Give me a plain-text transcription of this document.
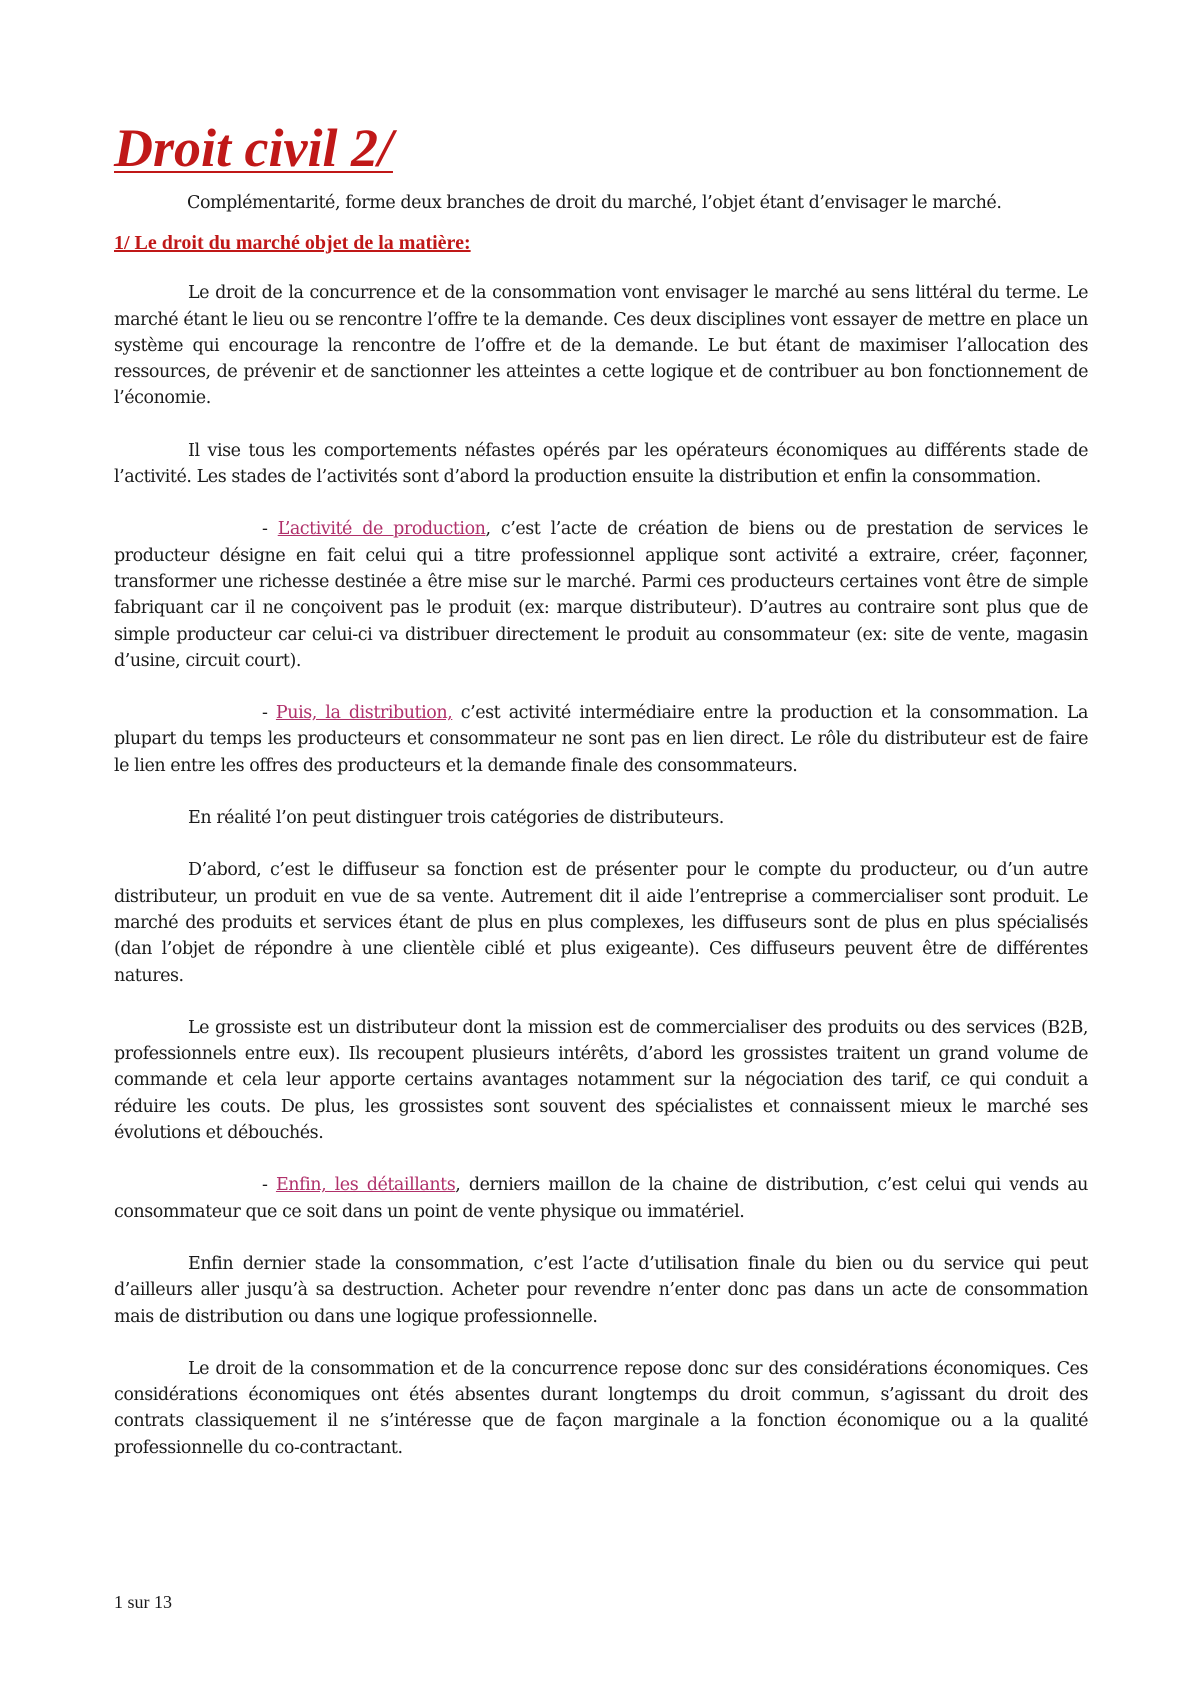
Droit civil 2/

Complémentarité, forme deux branches de droit du marché, l’objet étant d’envisager le marché.

1/ Le droit du marché objet de la matière:

Le droit de la concurrence et de la consommation vont envisager le marché au sens littéral du terme. Le marché étant le lieu ou se rencontre l’offre te la demande. Ces deux disciplines vont essayer de mettre en place un système qui encourage la rencontre de l’offre et de la demande. Le but étant de maximiser l’allocation des ressources, de prévenir et de sanctionner les atteintes a cette logique et de contribuer au bon fonctionnement de l’économie.

Il vise tous les comportements néfastes opérés par les opérateurs économiques au différents stade de l’activité. Les stades de l’activités sont d’abord la production ensuite la distribution et enfin la consommation.

- L’activité de production, c’est l’acte de création de biens ou de prestation de services le producteur désigne en fait celui qui a titre professionnel applique sont activité a extraire, créer, façonner, transformer une richesse destinée a être mise sur le marché. Parmi ces producteurs certaines vont être de simple fabriquant car il ne conçoivent pas le produit (ex: marque distributeur). D’autres au contraire sont plus que de simple producteur car celui-ci va distribuer directement le produit au consommateur (ex: site de vente, magasin d’usine, circuit court).

- Puis, la distribution, c’est activité intermédiaire entre la production et la consommation. La plupart du temps les producteurs et consommateur ne sont pas en lien direct. Le rôle du distributeur est de faire le lien entre les offres des producteurs et la demande finale des consommateurs.

En réalité l’on peut distinguer trois catégories de distributeurs.

D’abord, c’est le diffuseur sa fonction est de présenter pour le compte du producteur, ou d’un autre distributeur, un produit en vue de sa vente. Autrement dit il aide l’entreprise a commercialiser sont produit. Le marché des produits et services étant de plus en plus complexes, les diffuseurs sont de plus en plus spécialisés (dan l’objet de répondre à une clientèle ciblé et plus exigeante). Ces diffuseurs peuvent être de différentes natures.

Le grossiste est un distributeur dont la mission est de commercialiser des produits ou des services (B2B, professionnels entre eux). Ils recoupent plusieurs intérêts, d’abord les grossistes traitent un grand volume de commande et cela leur apporte certains avantages notamment sur la négociation des tarif, ce qui conduit a réduire les couts. De plus, les grossistes sont souvent des spécialistes et connaissent mieux le marché ses évolutions et débouchés.

- Enfin, les détaillants, derniers maillon de la chaine de distribution, c’est celui qui vends au consommateur que ce soit dans un point de vente physique ou immatériel.

Enfin dernier stade la consommation, c’est l’acte d’utilisation finale du bien ou du service qui peut d’ailleurs aller jusqu’à sa destruction. Acheter pour revendre n’enter donc pas dans un acte de consommation mais de distribution ou dans une logique professionnelle.

Le droit de la consommation et de la concurrence repose donc sur des considérations économiques. Ces considérations économiques ont étés absentes durant longtemps du droit commun, s’agissant du droit des contrats classiquement il ne s’intéresse que de façon marginale a la fonction économique ou a la qualité professionnelle du co-contractant.

1 sur 13
